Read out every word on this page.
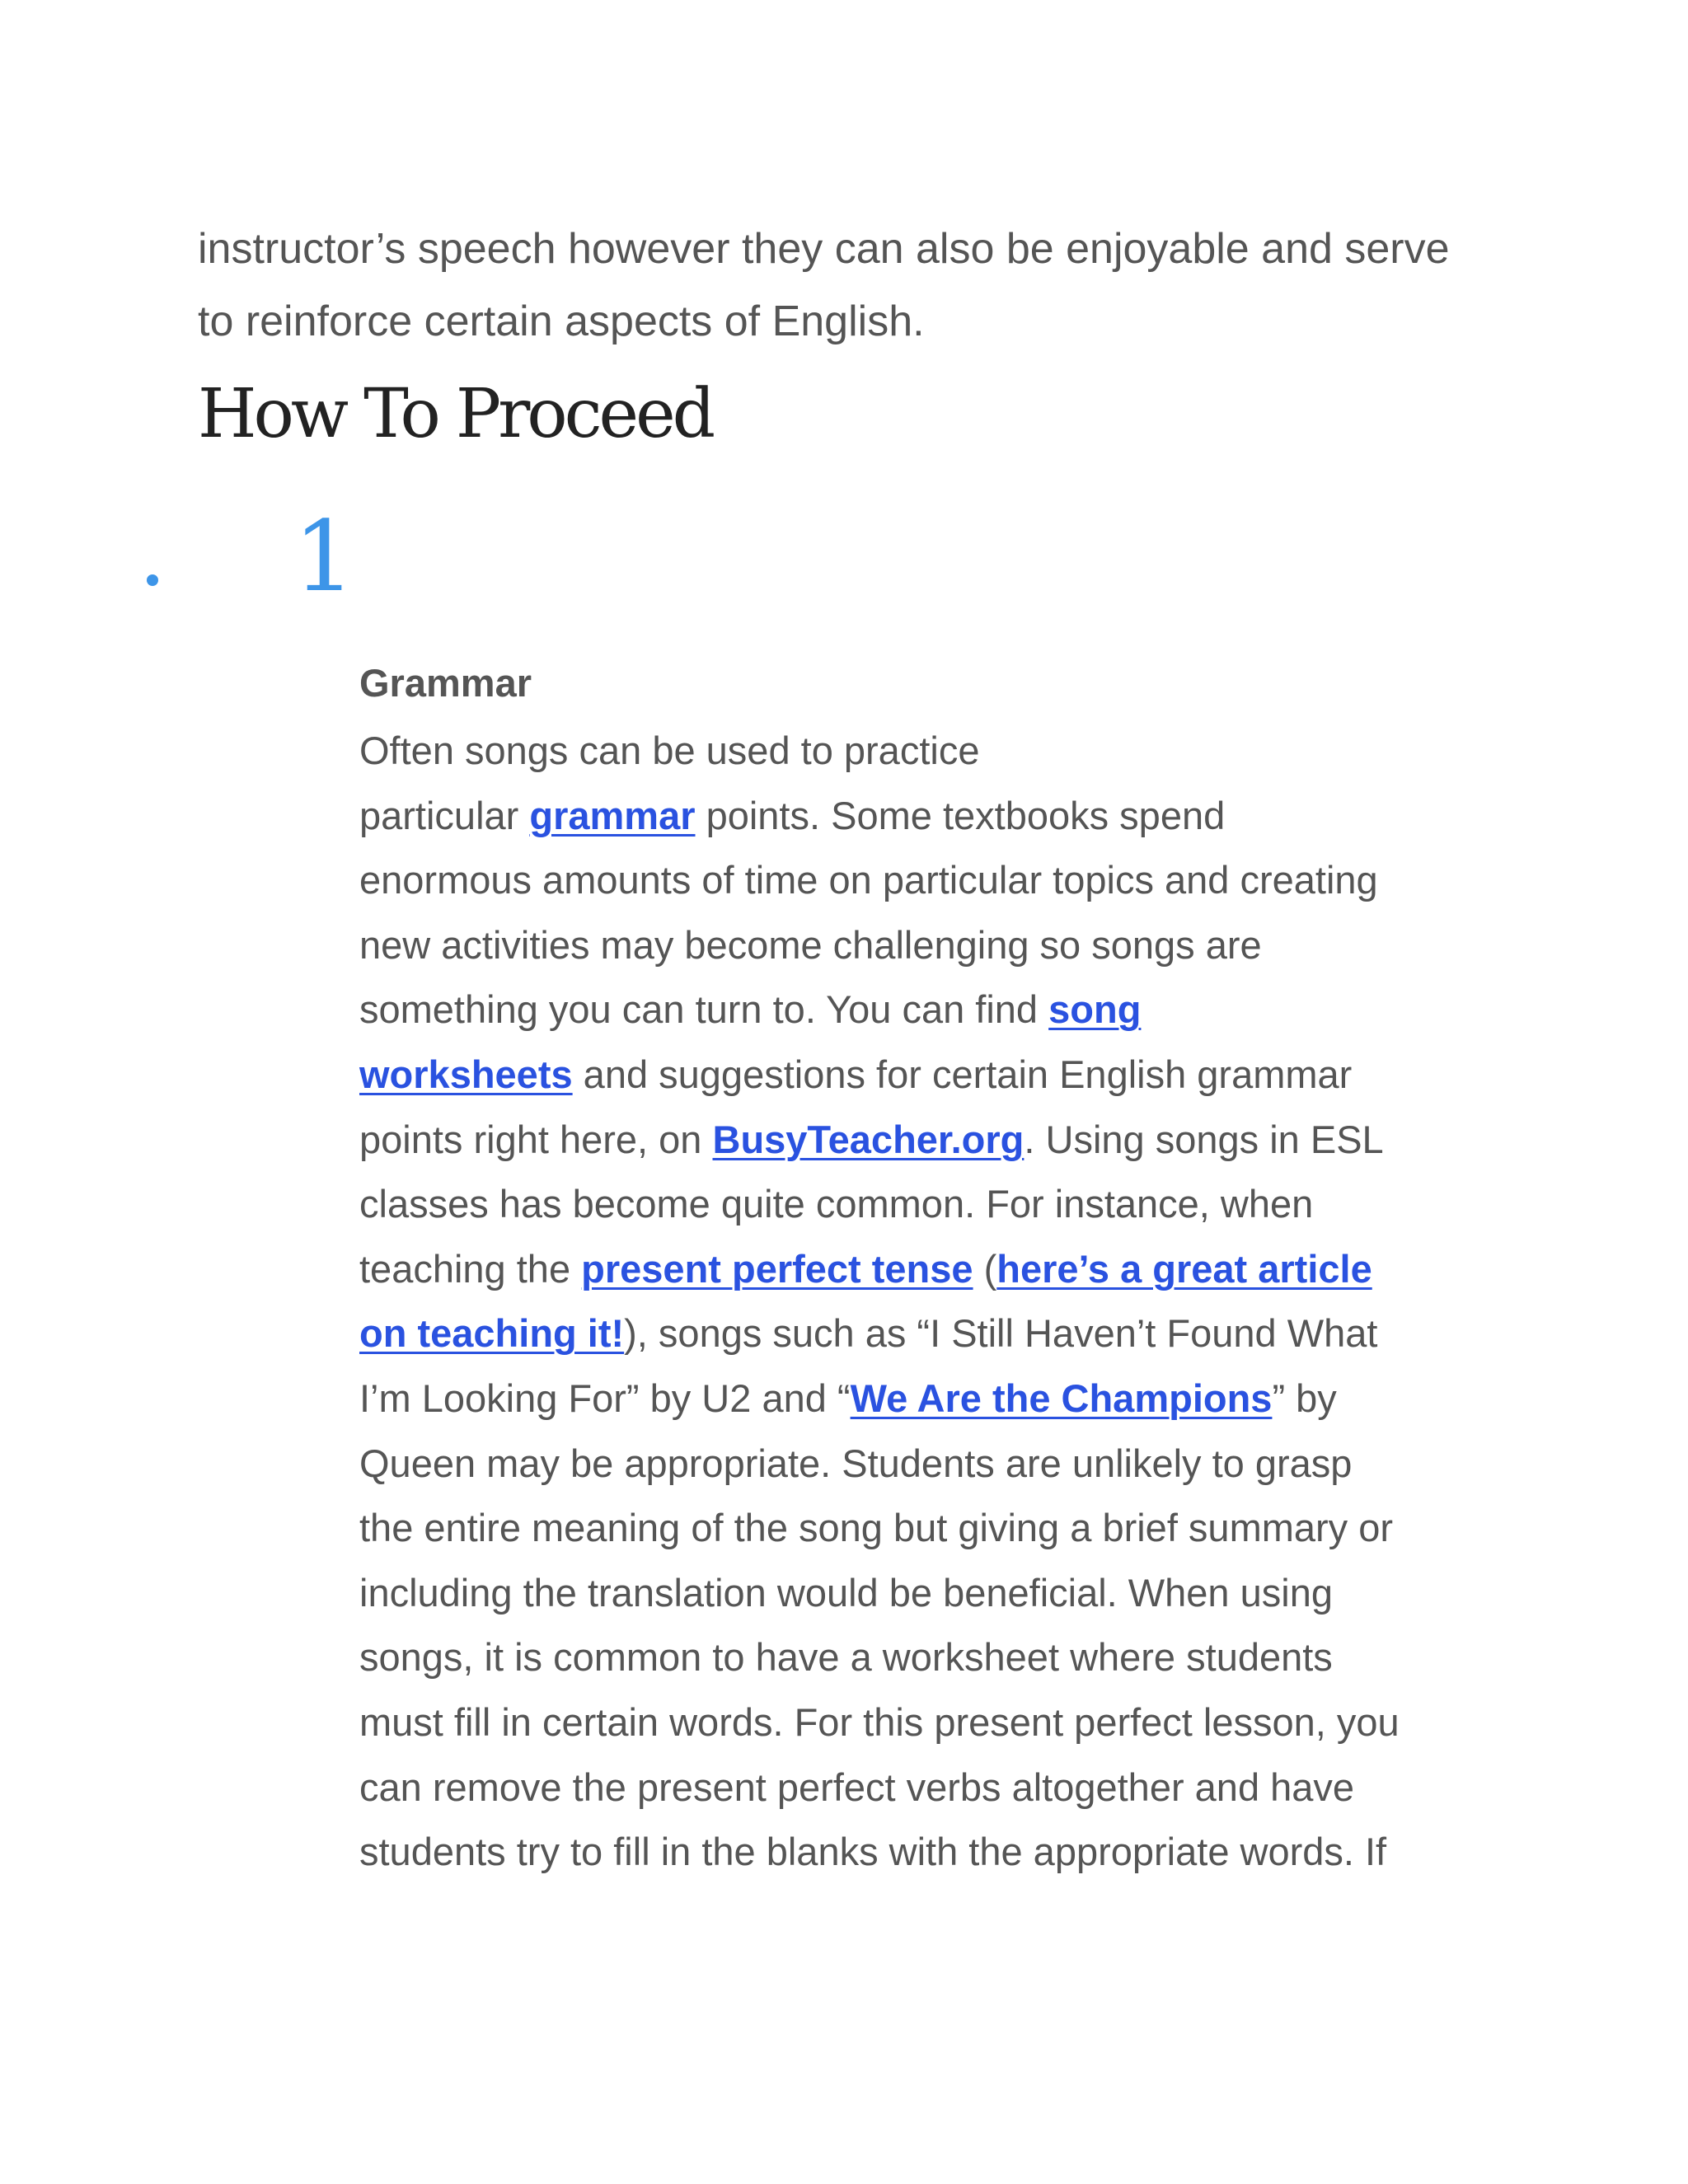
instructor’s speech however they can also be enjoyable and serve
to reinforce certain aspects of English.
How To Proceed
1
Grammar
Often songs can be used to practice
particular grammar points. Some textbooks spend
enormous amounts of time on particular topics and creating
new activities may become challenging so songs are
something you can turn to. You can find song
worksheets and suggestions for certain English grammar
points right here, on BusyTeacher.org. Using songs in ESL
classes has become quite common. For instance, when
teaching the present perfect tense (here’s a great article
on teaching it!), songs such as “I Still Haven’t Found What
I’m Looking For” by U2 and “We Are the Champions” by
Queen may be appropriate. Students are unlikely to grasp
the entire meaning of the song but giving a brief summary or
including the translation would be beneficial. When using
songs, it is common to have a worksheet where students
must fill in certain words. For this present perfect lesson, you
can remove the present perfect verbs altogether and have
students try to fill in the blanks with the appropriate words. If
